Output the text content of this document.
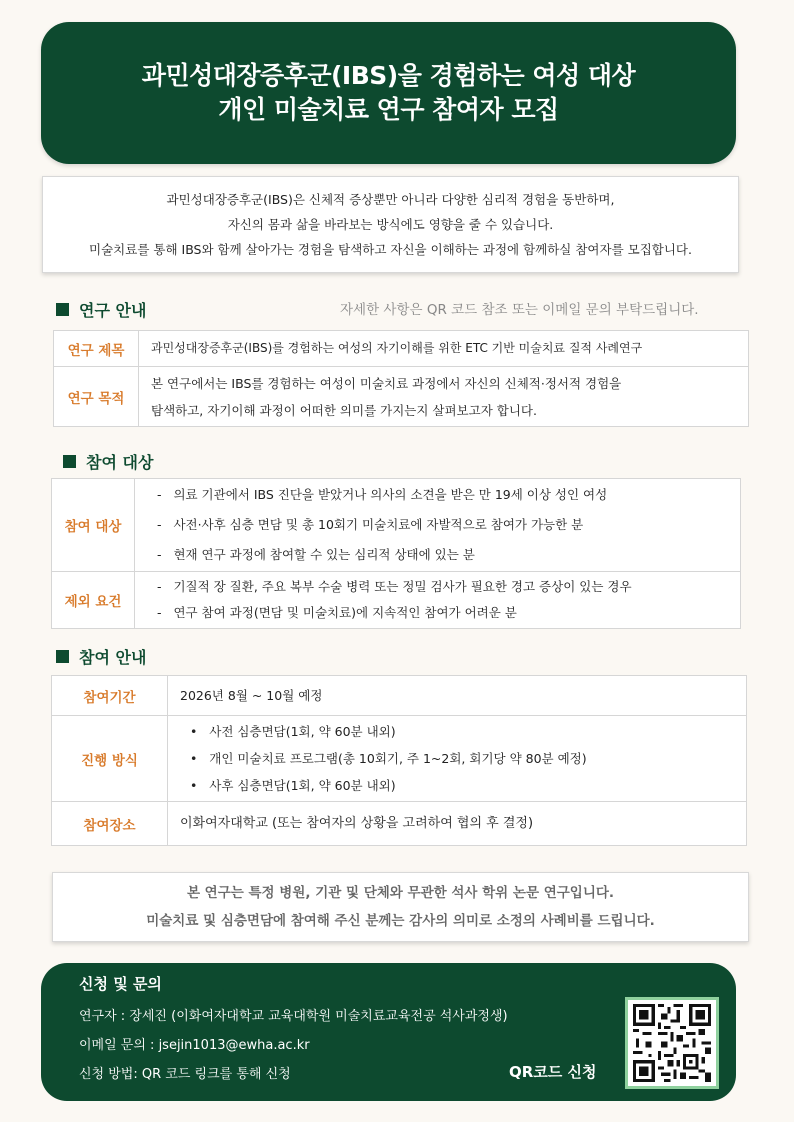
과민성대장증후군(IBS)을 경험하는 여성 대상
개인 미술치료 연구 참여자 모집

과민성대장증후군(IBS)은 신체적 증상뿐만 아니라 다양한 심리적 경험을 동반하며,

자신의 몸과 삶을 바라보는 방식에도 영향을 줄 수 있습니다.

미술치료를 통해 IBS와 함께 살아가는 경험을 탐색하고 자신을 이해하는 과정에 함께하실 참여자를 모집합니다.

연구 안내	자세한 사항은 QR 코드 참조 또는 이메일 문의 부탁드립니다.
연구 제목	과민성대장증후군(IBS)를 경험하는 여성의 자기이해를 위한 ETC 기반 미술치료 질적 사례연구
연구 목적	본 연구에서는 IBS를 경험하는 여성이 미술치료 과정에서 자신의 신체적·정서적 경험을
탐색하고, 자기이해 과정이 어떠한 의미를 가지는지 살펴보고자 합니다.
참여 대상
참여 대상	-   의료 기관에서 IBS 진단을 받았거나 의사의 소견을 받은 만 19세 이상 성인 여성
-   사전·사후 심층 면담 및 총 10회기 미술치료에 자발적으로 참여가 가능한 분
-   현재 연구 과정에 참여할 수 있는 심리적 상태에 있는 분

제외 요건	-   기질적 장 질환, 주요 복부 수술 병력 또는 정밀 검사가 필요한 경고 증상이 있는 경우
-   연구 참여 과정(면담 및 미술치료)에 지속적인 참여가 어려운 분
참여 안내
참여기간	2026년 8월 ~ 10월 예정
진행 방식	•   사전 심층면담(1회, 약 60분 내외)
•   개인 미술치료 프로그램(총 10회기, 주 1~2회, 회기당 약 80분 예정)
•   사후 심층면담(1회, 약 60분 내외)

참여장소	이화여자대학교 (또는 참여자의 상황을 고려하여 협의 후 결정)

본 연구는 특정 병원, 기관 및 단체와 무관한 석사 학위 논문 연구입니다.

미술치료 및 심층면담에 참여해 주신 분께는 감사의 의미로 소정의 사례비를 드립니다.

신청 및 문의
연구자 : 장세진 (이화여자대학교 교육대학원 미술치료교육전공 석사과정생)
이메일 문의 : jsejin1013@ewha.ac.kr
신청 방법: QR 코드 링크를 통해 신청	QR코드 신청
